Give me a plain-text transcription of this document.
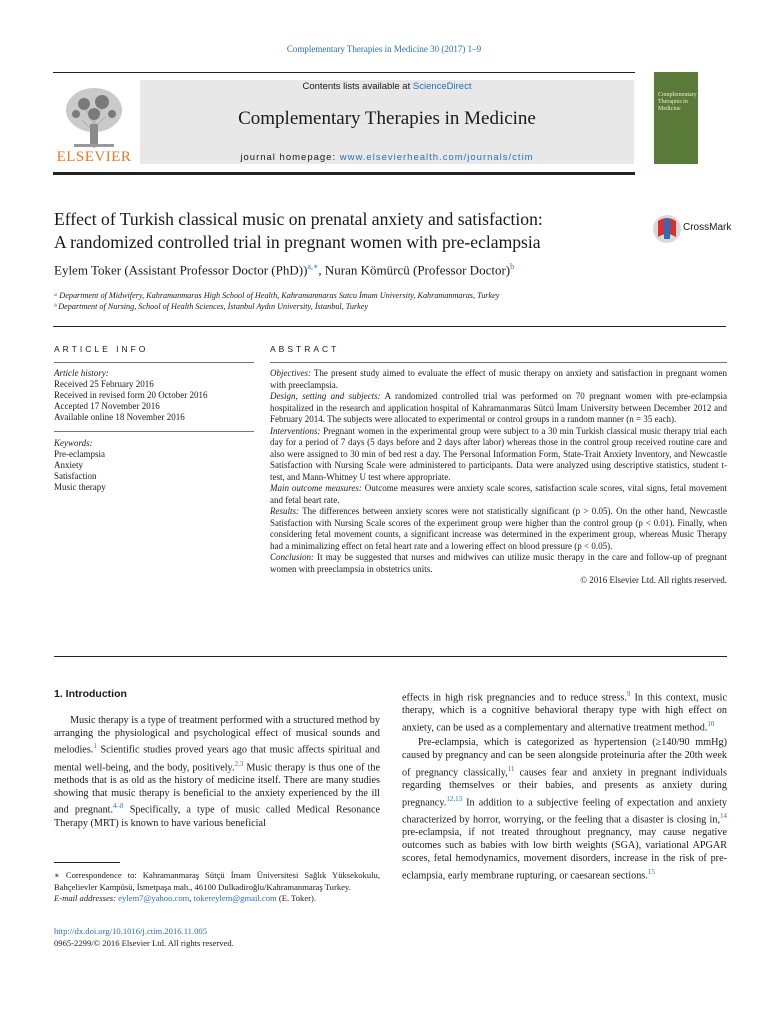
Complementary Therapies in Medicine 30 (2017) 1–9
ELSEVIER
Contents lists available at ScienceDirect
Complementary Therapies in Medicine
journal homepage: www.elsevierhealth.com/journals/ctim
Complementary Therapies in Medicine
Effect of Turkish classical music on prenatal anxiety and satisfaction:
A randomized controlled trial in pregnant women with pre-eclampsia
CrossMark
Eylem Toker (Assistant Professor Doctor (PhD))$^{a,∗}$, Nuran Kömürcü (Professor Doctor)$^b$
ᵃ Department of Midwifery, Kahramanmaras High School of Health, Kahramanmaras Sutcu İmam University, Kahramanmaras, Turkey
ᵇ Department of Nursing, School of Health Sciences, İstanbul Aydın University, İstanbul, Turkey
ARTICLE INFO
Article history:
Received 25 February 2016
Received in revised form 20 October 2016
Accepted 17 November 2016
Available online 18 November 2016
Keywords:
Pre-eclampsia
Anxiety
Satisfaction
Music therapy
ABSTRACT

Objectives: The present study aimed to evaluate the effect of music therapy on anxiety and satisfaction in pregnant women with preeclampsia.

Design, setting and subjects: A randomized controlled trial was performed on 70 pregnant women with pre-eclampsia hospitalized in the research and application hospital of Kahramanmaras Sütcü İmam University between December 2012 and February 2014. The subjects were allocated to experimental or control groups in a random manner (n = 35 each).

Interventions: Pregnant women in the experimental group were subject to a 30 min Turkish classical music therapy trial each day for a period of 7 days (5 days before and 2 days after labor) whereas those in the control group received routine care and also were assigned to 30 min of bed rest a day. The Personal Information Form, State-Trait Anxiety Inventory, and Newcastle Satisfaction with Nursing Scale were administered to participants. Data were analyzed using descriptive statistics, student t-test, and Mann-Whitney U test where appropriate.

Main outcome measures: Outcome measures were anxiety scale scores, satisfaction scale scores, vital signs, fetal movement and fetal heart rate.

Results: The differences between anxiety scores were not statistically significant (p > 0.05). On the other hand, Newcastle Satisfaction with Nursing Scale scores of the experiment group were higher than the control group (p < 0.01). Finally, when considering fetal movement counts, a significant increase was determined in the experiment group, whereas Music Therapy had a minimalizing effect on fetal heart rate and a lowering effect on blood pressure (p < 0.05).

Conclusion: It may be suggested that nurses and midwives can utilize music therapy in the care and follow-up of pregnant women with preeclampsia in obstetrics units.

© 2016 Elsevier Ltd. All rights reserved.

1. Introduction

Music therapy is a type of treatment performed with a structured method by arranging the physiological and psychological effect of musical sounds and melodies.$^1$ Scientific studies proved years ago that music affects spiritual and mental well-being, and the body, positively.$^{2,3}$ Music therapy is thus one of the methods that is as old as the history of medicine itself. There are many studies showing that music therapy is beneficial to the anxiety experienced by the ill and pregnant.$^{4-8}$ Specifically, a type of music called Medical Resonance Therapy (MRT) is known to have various beneficial

effects in high risk pregnancies and to reduce stress.$^9$ In this context, music therapy, which is a cognitive behavioral therapy type with high effect on anxiety, can be used as a complementary and alternative treatment method.$^{10}$

Pre-eclampsia, which is categorized as hypertension (≥140/90 mmHg) caused by pregnancy and can be seen alongside proteinuria after the 20th week of pregnancy classically,$^{11}$ causes fear and anxiety in pregnant individuals regarding themselves or their babies, and presents as anxiety during pregnancy.$^{12,13}$ In addition to a subjective feeling of expectation and anxiety characterized by horror, worrying, or the feeling that a disaster is closing in,$^{14}$ pre-eclampsia, if not treated throughout pregnancy, may cause negative outcomes such as babies with low birth weights (SGA), variational APGAR scores, fetal hemodynamics, movement disorders, increase in the risk of pre-eclampsia, early membrane rupturing, or caesarean sections.$^{15}$

∗ Correspondence to: Kahramanmaraş Sütçü İmam Üniversitesi Sağlık Yüksekokulu, Bahçelievler Kampüsü, İsmetpaşa mah., 46100 Dulkadiroğlu/Kahramanmaraş Turkey.

E-mail addresses: eylem7@yahoo.com, tokereylem@gmail.com (E. Toker).

http://dx.doi.org/10.1016/j.ctim.2016.11.005
0965-2299/© 2016 Elsevier Ltd. All rights reserved.
